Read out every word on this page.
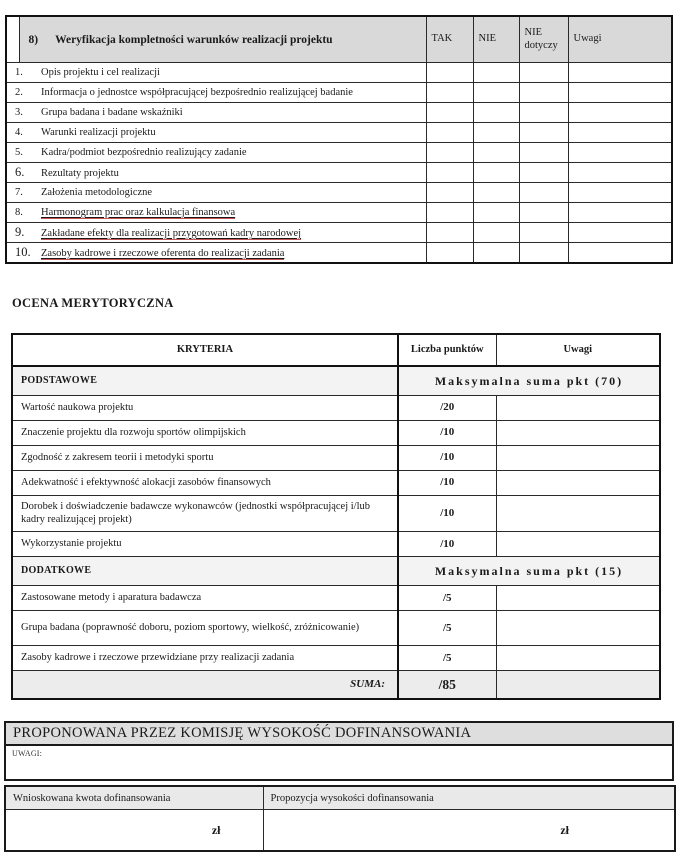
	8) Weryfikacja kompletności warunków realizacji projektu	TAK	NIE	NIE dotyczy	Uwagi
1. Opis projektu i cel realizacji					
2. Informacja o jednostce współpracującej bezpośrednio realizującej badanie					
3. Grupa badana i badane wskaźniki					
4. Warunki realizacji projektu					
5. Kadra/podmiot bezpośrednio realizujący zadanie					
6. Rezultaty projektu					
7. Założenia metodologiczne					
8. Harmonogram prac oraz kalkulacja finansowa					
9. Zakładane efekty dla realizacji przygotowań kadry narodowej					
10. Zasoby kadrowe i rzeczowe oferenta do realizacji zadania					
OCENA MERYTORYCZNA
KRYTERIA	Liczba punktów	Uwagi
PODSTAWOWE	Maksymalna suma pkt (70)	
Wartość naukowa projektu	/20	
Znaczenie projektu dla rozwoju sportów olimpijskich	/10	
Zgodność z zakresem teorii i metodyki sportu	/10	
Adekwatność i efektywność alokacji zasobów finansowych	/10	
Dorobek i doświadczenie badawcze wykonawców (jednostki współpracującej i/lub kadry realizującej projekt)	/10	
Wykorzystanie projektu	/10	
DODATKOWE	Maksymalna suma pkt (15)	
Zastosowane metody i aparatura badawcza	/5	
Grupa badana (poprawność doboru, poziom sportowy, wielkość, zróżnicowanie)	/5	
Zasoby kadrowe i rzeczowe przewidziane przy realizacji zadania	/5	
SUMA:	/85	
PROPONOWANA PRZEZ KOMISJĘ WYSOKOŚĆ DOFINANSOWANIA
UWAGI:
Wnioskowana kwota dofinansowania	Propozycja wysokości dofinansowania
zł	zł
